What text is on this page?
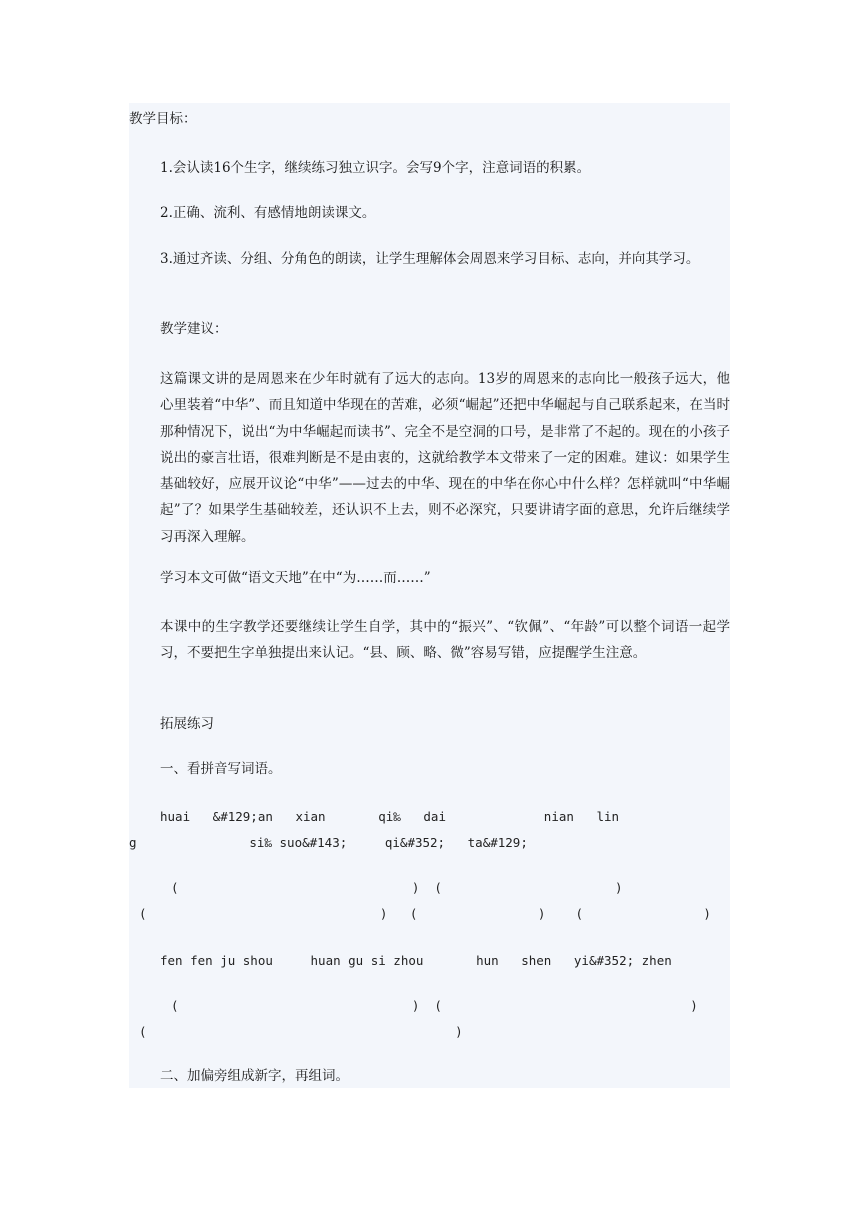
教学目标：

1.会认读16个生字，继续练习独立识字。会写9个字，注意词语的积累。

2.正确、流利、有感情地朗读课文。

3.通过齐读、分组、分角色的朗读，让学生理解体会周恩来学习目标、志向，并向其学习。

教学建议：

这篇课文讲的是周恩来在少年时就有了远大的志向。13岁的周恩来的志向比一般孩子远大，他心里装着“中华”、而且知道中华现在的苦难，必须“崛起”还把中华崛起与自己联系起来，在当时那种情况下，说出“为中华崛起而读书”、完全不是空洞的口号，是非常了不起的。现在的小孩子说出的豪言壮语，很难判断是不是由衷的，这就给教学本文带来了一定的困难。建议：如果学生基础较好，应展开议论“中华”——过去的中华、现在的中华在你心中什么样？怎样就叫“中华崛起”了？如果学生基础较差，还认识不上去，则不必深究，只要讲请字面的意思，允许后继续学习再深入理解。

学习本文可做“语文天地”在中“为……而……”

本课中的生字教学还要继续让学生自学，其中的“振兴”、“钦佩”、“年龄”可以整个词语一起学习，不要把生字单独提出来认记。“县、顾、略、微”容易写错，应提醒学生注意。

拓展练习

一、看拼音写词语。

huai   &#129;an   xian       qi‰   dai             nian   lin
g               si‰ suo&#143;     qi&#352;   ta&#129;
(                               )  (                       )
(                               )   (                )    (                )
fen fen ju shou     huan gu si zhou       hun   shen   yi&#352; zhen
(                               )  (                                 )
(                                         )

二、加偏旁组成新字，再组词。
